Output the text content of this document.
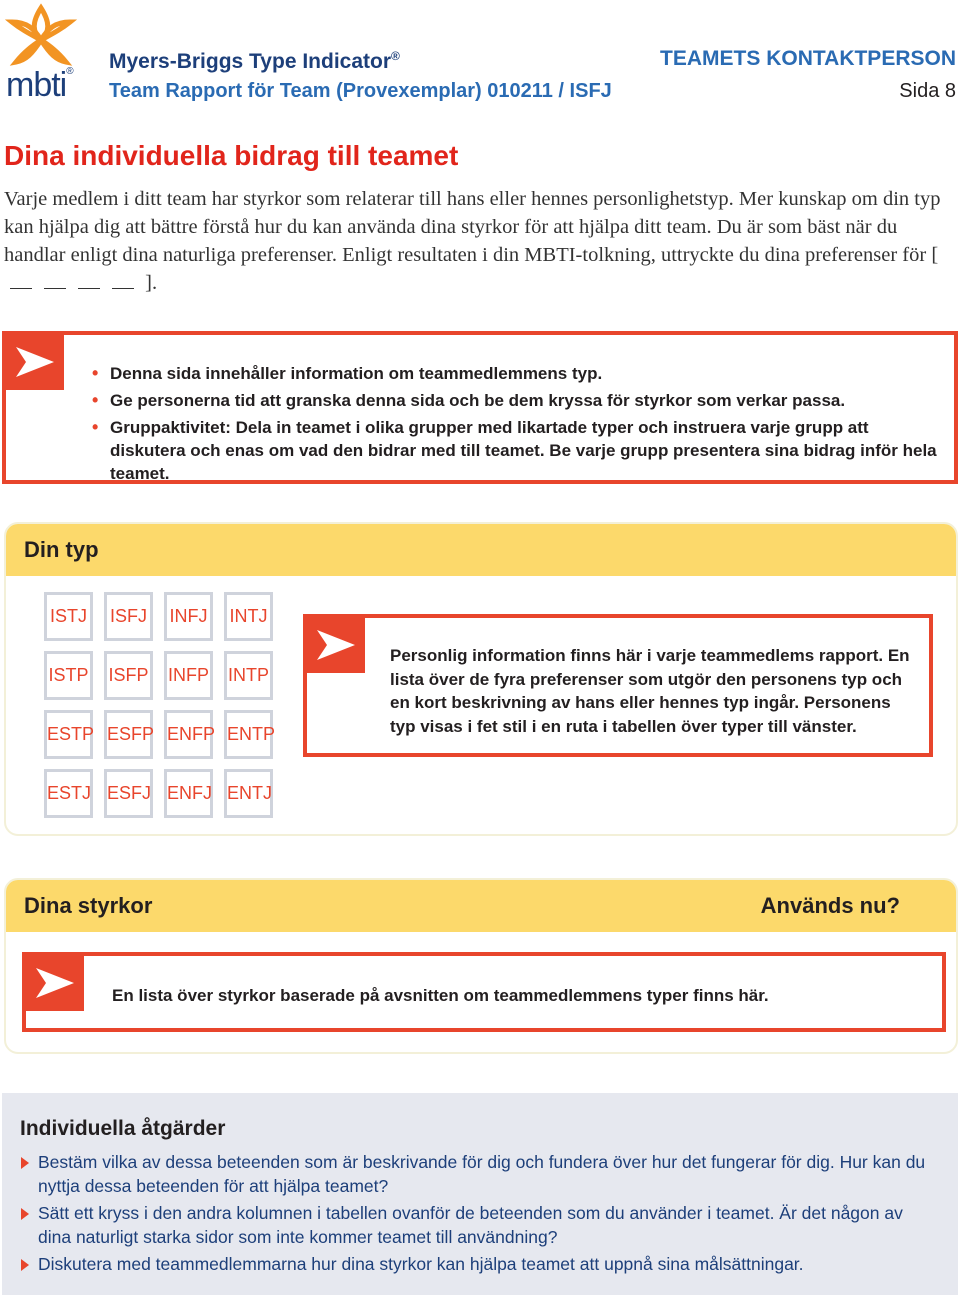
mbti® Myers-Briggs Type Indicator®
Team Rapport för Team (Provexemplar) 010211 / ISFJ
TEAMETS KONTAKTPERSON
Sida 8
Dina individuella bidrag till teamet
Varje medlem i ditt team har styrkor som relaterar till hans eller hennes personlighetstyp. Mer kunskap om din typ kan hjälpa dig att bättre förstå hur du kan använda dina styrkor för att hjälpa ditt team. Du är som bäst när du handlar enligt dina naturliga preferenser. Enligt resultaten i din MBTI-tolkning, uttryckte du dina preferenser för [  ].
• Denna sida innehåller information om teammedlemmens typ.
• Ge personerna tid att granska denna sida och be dem kryssa för styrkor som verkar passa.
• Gruppaktivitet: Dela in teamet i olika grupper med likartade typer och instruera varje grupp att diskutera och enas om vad den bidrar med till teamet. Be varje grupp presentera sina bidrag inför hela teamet.
Din typ
ISTJ	ISFJ	INFJ	INTJ
ISTP ISFP INFP INTP
ESTP ESFP ENFP ENTP
ESTJ ESFJ ENFJ ENTJ
Personlig information finns här i varje teammedlems rapport. En lista över de fyra preferenser som utgör den personens typ och en kort beskrivning av hans eller hennes typ ingår. Personens typ visas i fet stil i en ruta i tabellen över typer till vänster.
Dina styrkor	Används nu?
En lista över styrkor baserade på avsnitten om teammedlemmens typer finns här.
Individuella åtgärder
Bestäm vilka av dessa beteenden som är beskrivande för dig och fundera över hur det fungerar för dig. Hur kan du nyttja dessa beteenden för att hjälpa teamet?
Sätt ett kryss i den andra kolumnen i tabellen ovanför de beteenden som du använder i teamet. Är det någon av dina naturligt starka sidor som inte kommer teamet till användning?
Diskutera med teammedlemmarna hur dina styrkor kan hjälpa teamet att uppnå sina målsättningar.
